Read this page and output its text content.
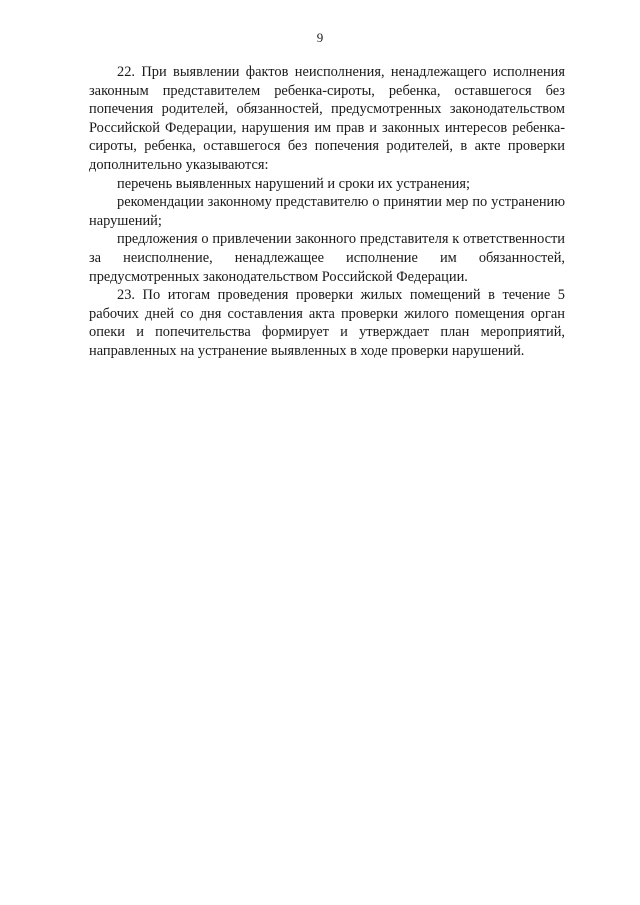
9

22. При выявлении фактов неисполнения, ненадлежащего исполнения законным представителем ребенка-сироты, ребенка, оставшегося без попечения родителей, обязанностей, предусмотренных законодательством Российской Федерации, нарушения им прав и законных интересов ребенка-сироты, ребенка, оставшегося без попечения родителей, в акте проверки дополнительно указываются:

перечень выявленных нарушений и сроки их устранения;

рекомендации законному представителю о принятии мер по устранению нарушений;

предложения о привлечении законного представителя к ответственности за неисполнение, ненадлежащее исполнение им обязанностей, предусмотренных законодательством Российской Федерации.

23. По итогам проведения проверки жилых помещений в течение 5 рабочих дней со дня составления акта проверки жилого помещения орган опеки и попечительства формирует и утверждает план мероприятий, направленных на устранение выявленных в ходе проверки нарушений.
